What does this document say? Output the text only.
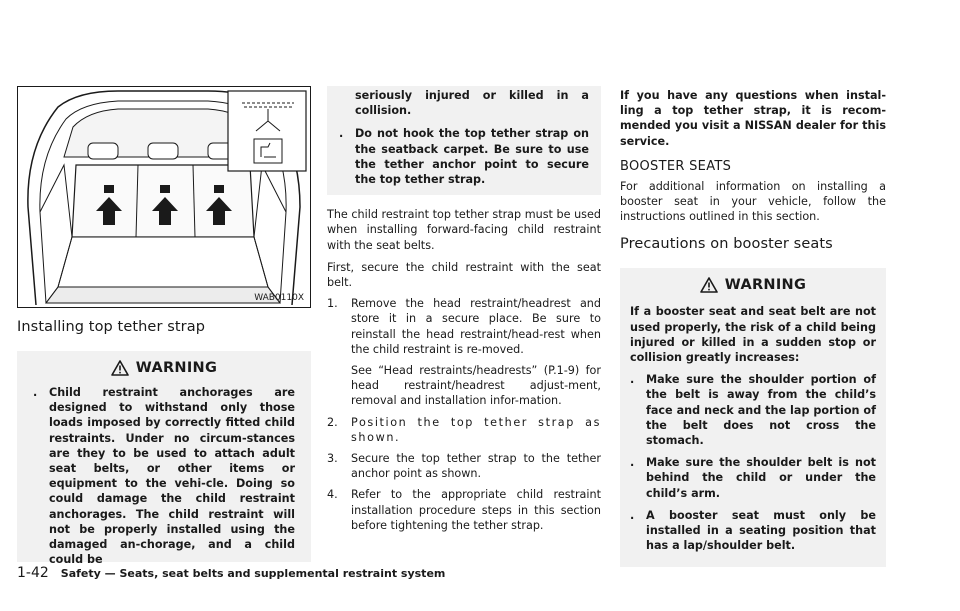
WAB0110X
Installing top tether strap
WARNING
.	Child restraint anchorages are designed to withstand only those loads imposed by correctly fitted child restraints. Under no circum-stances are they to be used to attach adult seat belts, or other items or equipment to the vehi-cle. Doing so could damage the child restraint anchorages. The child restraint will not be properly installed using the damaged an-chorage, and a child could be
seriously injured or killed in a collision.
.	Do not hook the top tether strap on the seatback carpet. Be sure to use the tether anchor point to secure the top tether strap.

The child restraint top tether strap must be used when installing forward-facing child restraint with the seat belts.

First, secure the child restraint with the seat belt.

1.	Remove the head restraint/headrest and store it in a secure place. Be sure to reinstall the head restraint/head-rest when the child restraint is re-moved.
See “Head restraints/headrests” (P.1-9) for head restraint/headrest adjust-ment, removal and installation infor-mation.
2.	Position the top tether strap as shown.
3.	Secure the top tether strap to the tether anchor point as shown.
4.	Refer to the appropriate child restraint installation procedure steps in this section before tightening the tether strap.

If you have any questions when instal-ling a top tether strap, it is recom-mended you visit a NISSAN dealer for this service.

BOOSTER SEATS

For additional information on installing a booster seat in your vehicle, follow the instructions outlined in this section.

Precautions on booster seats
WARNING

If a booster seat and seat belt are not used properly, the risk of a child being injured or killed in a sudden stop or collision greatly increases:

.	Make sure the shoulder portion of the belt is away from the child’s face and neck and the lap portion of the belt does not cross the stomach.
.	Make sure the shoulder belt is not behind the child or under the child’s arm.
.	A booster seat must only be installed in a seating position that has a lap/shoulder belt.
1-42 Safety — Seats, seat belts and supplemental restraint system
